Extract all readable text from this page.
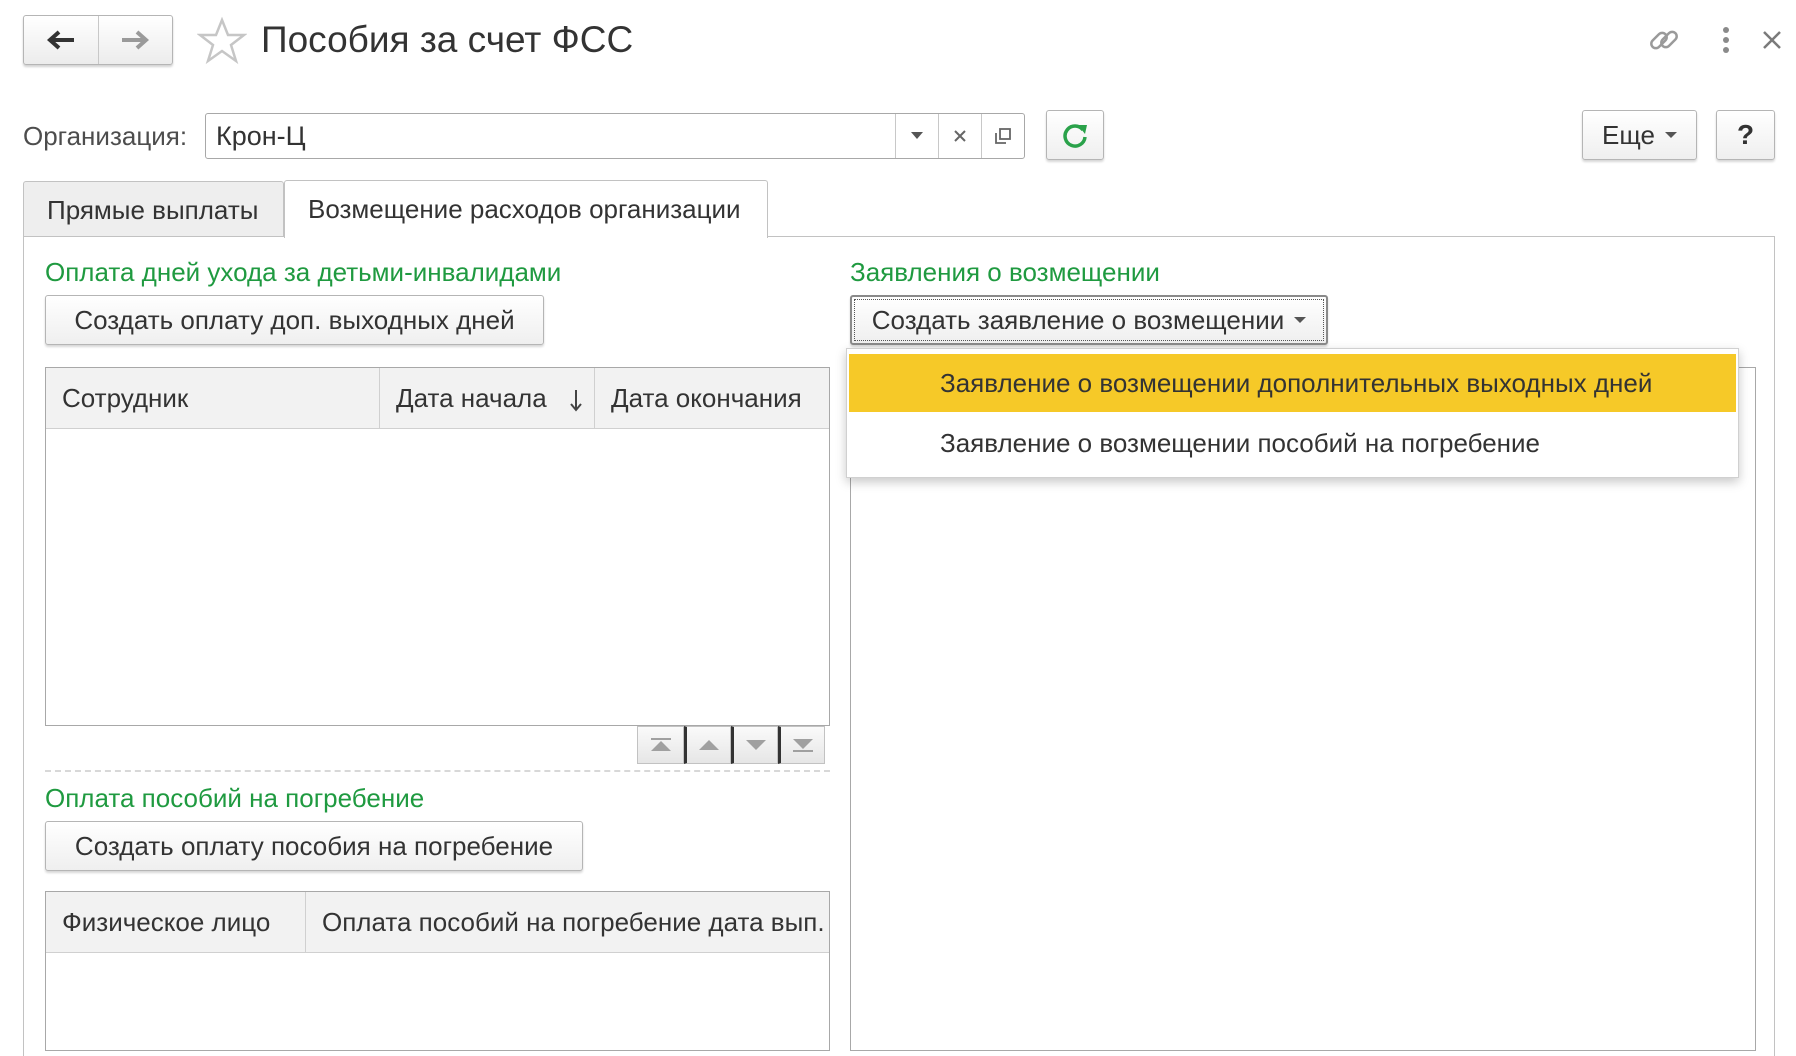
Пособия за счет ФСС
Организация:	Крон-Ц	Еще	?
Прямые выплаты	Возмещение расходов организации
Оплата дней ухода за детьми-инвалидами
Создать оплату доп. выходных дней
Сотрудник	Дата начала	Дата окончания
Оплата пособий на погребение
Создать оплату пособия на погребение
Физическое лицо	Оплата пособий на погребение дата вып.
Заявления о возмещении
Создать заявление о возмещении
Заявление о возмещении дополнительных выходных дней
Заявление о возмещении пособий на погребение
